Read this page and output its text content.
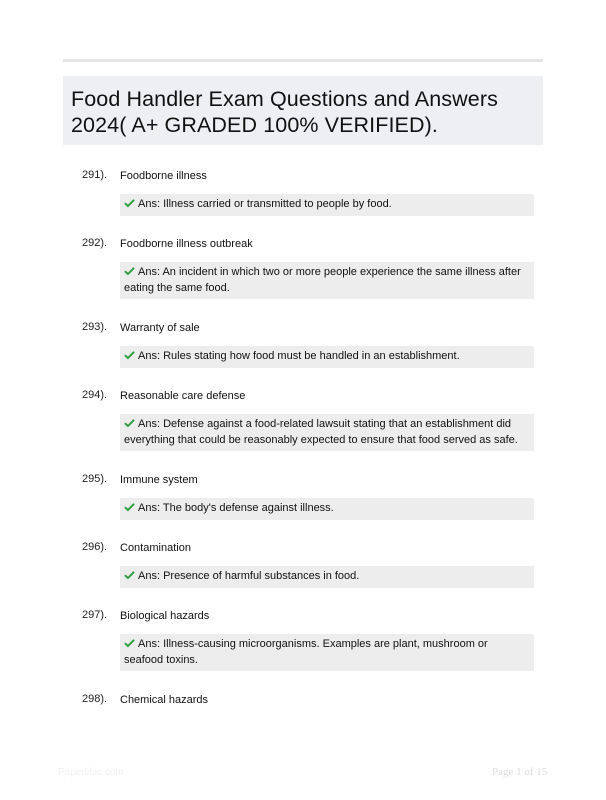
Food Handler Exam Questions and Answers
2024( A+ GRADED 100% VERIFIED).
291). Foodborne illness
Ans: Illness carried or transmitted to people by food.
292). Foodborne illness outbreak
Ans: An incident in which two or more people experience the same illness after eating the same food.
293). Warranty of sale
Ans: Rules stating how food must be handled in an establishment.
294). Reasonable care defense
Ans: Defense against a food-related lawsuit stating that an establishment did everything that could be reasonably expected to ensure that food served as safe.
295). Immune system
Ans: The body's defense against illness.
296). Contamination
Ans: Presence of harmful substances in food.
297). Biological hazards
Ans: Illness-causing microorganisms. Examples are plant, mushroom or seafood toxins.
298). Chemical hazards
Paperlibic.com	Page 1 of 15
